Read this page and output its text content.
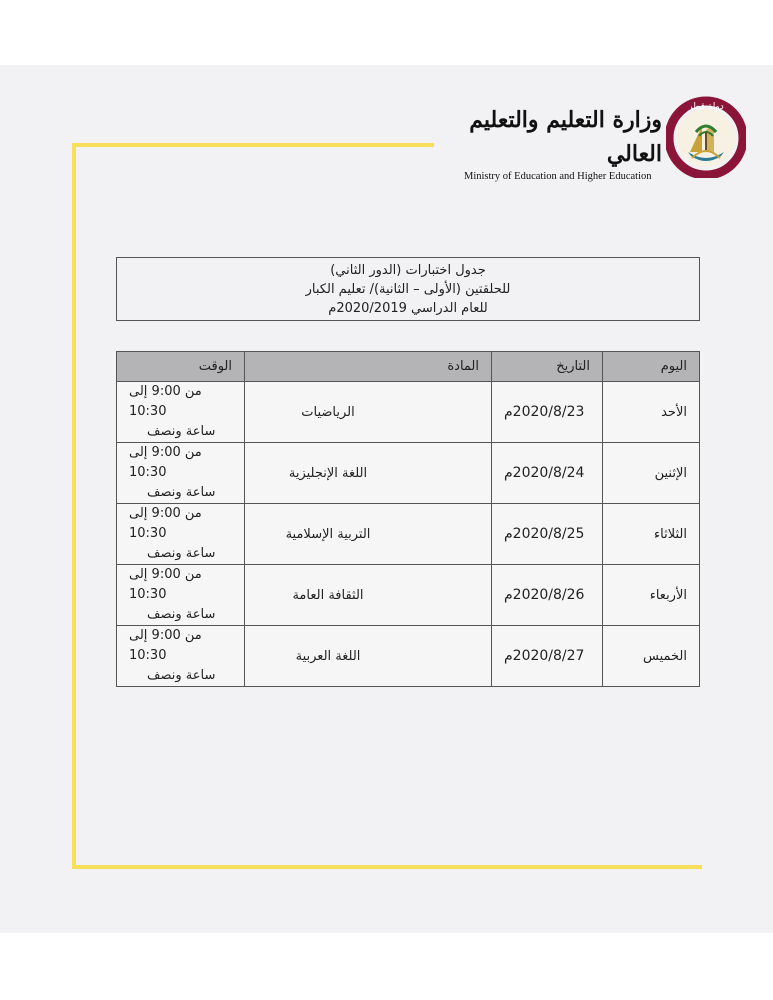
وزارة التعليم والتعليم العالي
Ministry of Education and Higher Education
دولة قطر
جدول اختبارات (الدور الثاني)
للحلقتين (الأولى – الثانية)/ تعليم الكبار
للعام الدراسي 2020/2019م
اليوم	التاريخ	المادة	الوقت
الأحد	2020/8/23م	الرياضيات	من 9:00 إلى 10:30
ساعة ونصف

الإثنين	2020/8/24م	اللغة الإنجليزية	من 9:00 إلى 10:30
ساعة ونصف

الثلاثاء	2020/8/25م	التربية الإسلامية	من 9:00 إلى 10:30
ساعة ونصف

الأربعاء	2020/8/26م	الثقافة العامة	من 9:00 إلى 10:30
ساعة ونصف

الخميس	2020/8/27م	اللغة العربية	من 9:00 إلى 10:30
ساعة ونصف
